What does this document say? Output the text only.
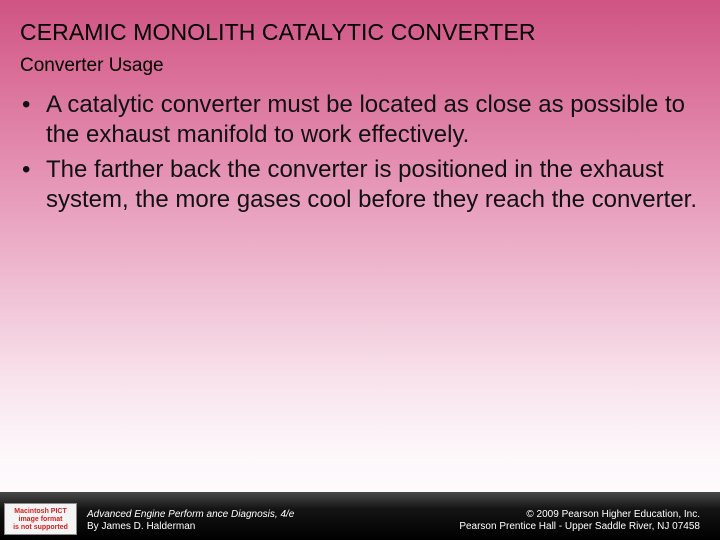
CERAMIC MONOLITH CATALYTIC CONVERTER

Converter Usage

• A catalytic converter must be located as close as possible to the exhaust manifold to work effectively.
• The farther back the converter is positioned in the exhaust system, the more gases cool before they reach the converter.
Macintosh PICT
image format
is not supported
Advanced Engine Perform ance Diagnosis, 4/e
By James D. Halderman
© 2009 Pearson Higher Education, Inc.
Pearson Prentice Hall - Upper Saddle River, NJ 07458
